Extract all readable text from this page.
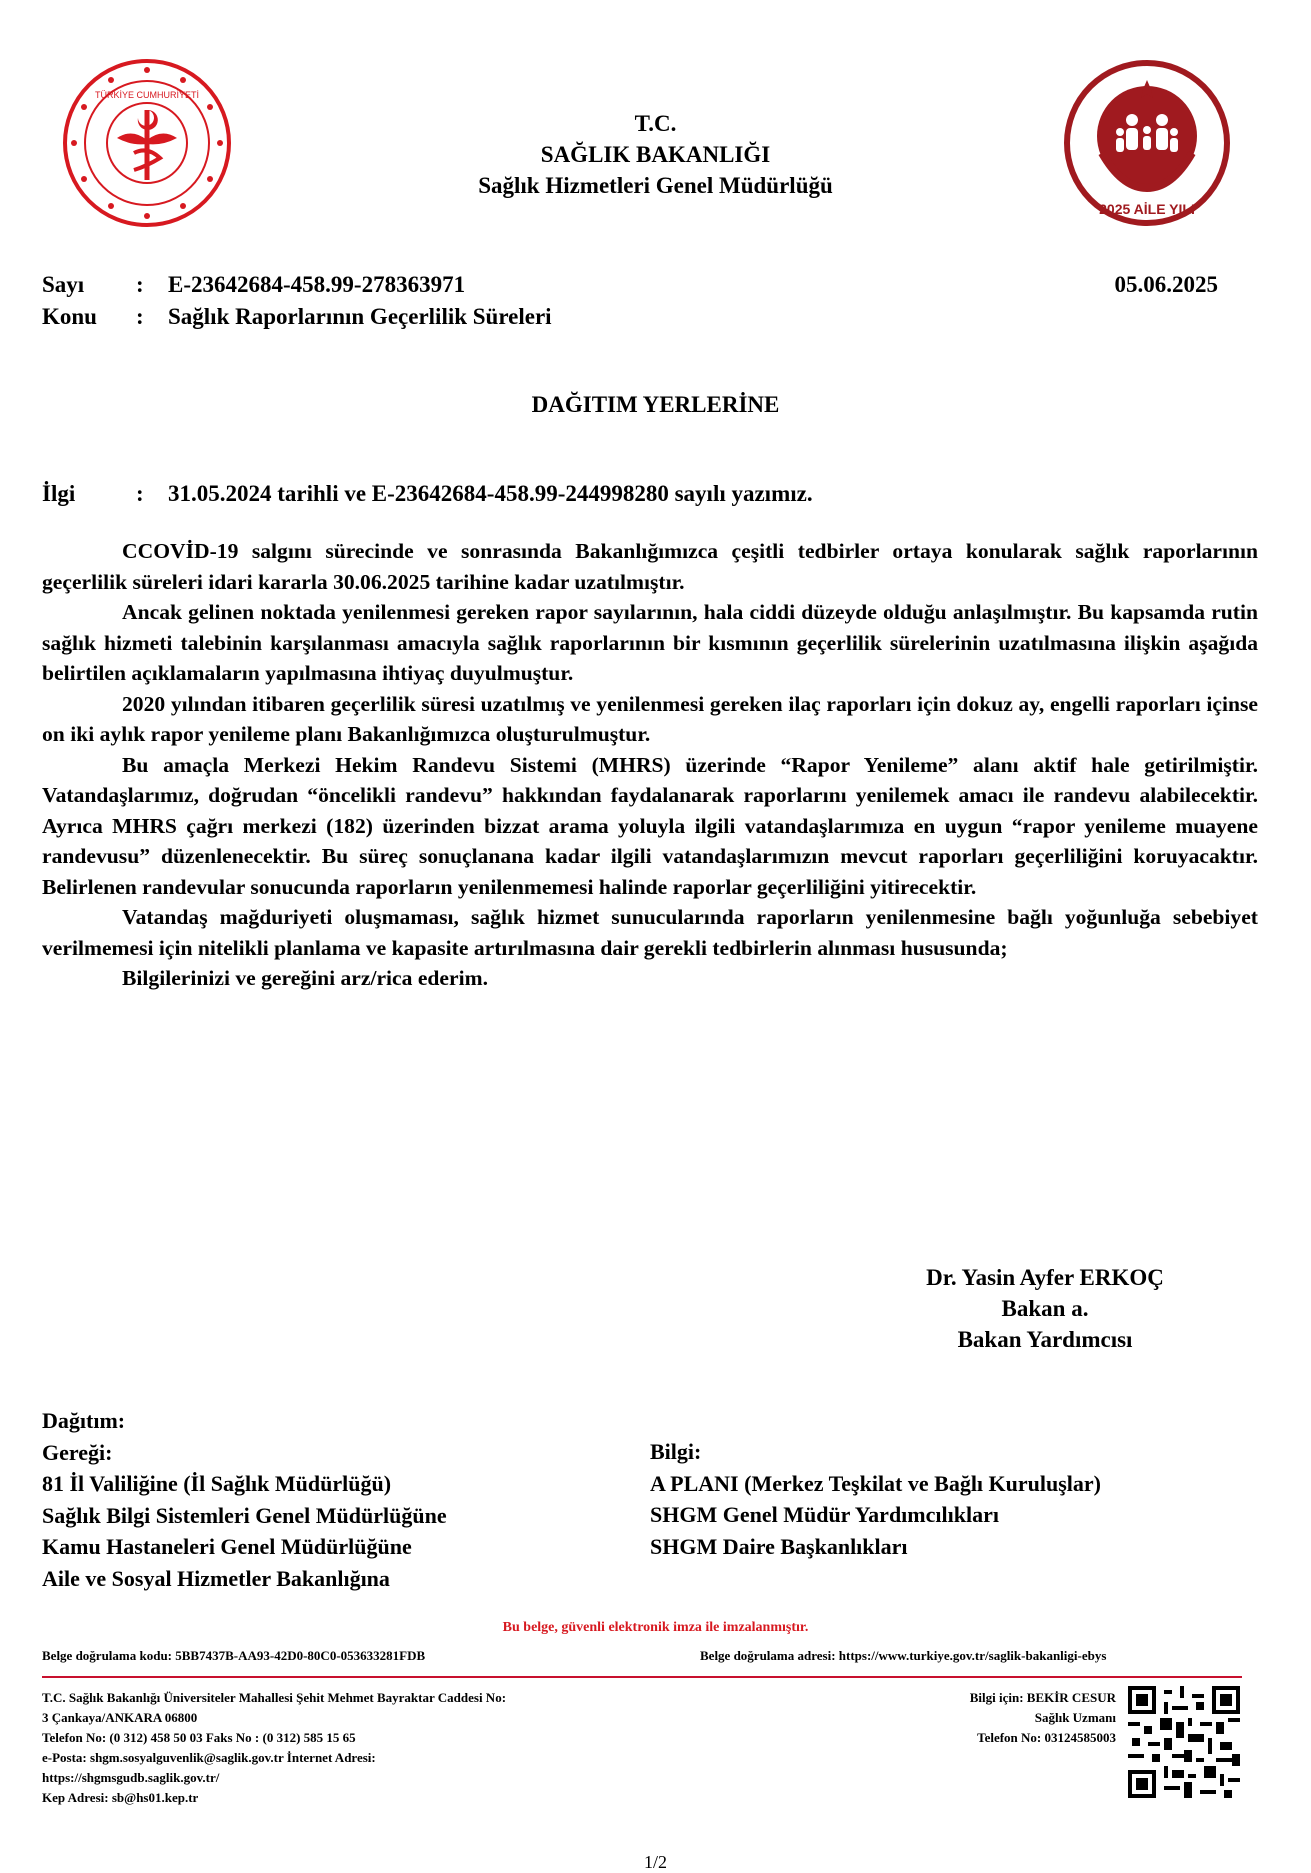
TÜRKİYE CUMHURİYETİ
T.C.
SAĞLIK BAKANLIĞI
Sağlık Hizmetleri Genel Müdürlüğü
2025 AİLE YILI
Sayı : E-23642684-458.99-278363971	05.06.2025
Konu : Sağlık Raporlarının Geçerlilik Süreleri
DAĞITIM YERLERİNE
İlgi	: 31.05.2024 tarihli ve E-23642684-458.99-244998280 sayılı yazımız.

CCOVİD-19 salgını sürecinde ve sonrasında Bakanlığımızca çeşitli tedbirler ortaya konularak sağlık raporlarının geçerlilik süreleri idari kararla 30.06.2025 tarihine kadar uzatılmıştır.

Ancak gelinen noktada yenilenmesi gereken rapor sayılarının, hala ciddi düzeyde olduğu anlaşılmıştır. Bu kapsamda rutin sağlık hizmeti talebinin karşılanması amacıyla sağlık raporlarının bir kısmının geçerlilik sürelerinin uzatılmasına ilişkin aşağıda belirtilen açıklamaların yapılmasına ihtiyaç duyulmuştur.

2020 yılından itibaren geçerlilik süresi uzatılmış ve yenilenmesi gereken ilaç raporları için dokuz ay, engelli raporları içinse on iki aylık rapor yenileme planı Bakanlığımızca oluşturulmuştur.

Bu amaçla Merkezi Hekim Randevu Sistemi (MHRS) üzerinde “Rapor Yenileme” alanı aktif hale getirilmiştir. Vatandaşlarımız, doğrudan “öncelikli randevu” hakkından faydalanarak raporlarını yenilemek amacı ile randevu alabilecektir. Ayrıca MHRS çağrı merkezi (182) üzerinden bizzat arama yoluyla ilgili vatandaşlarımıza en uygun “rapor yenileme muayene randevusu” düzenlenecektir. Bu süreç sonuçlanana kadar ilgili vatandaşlarımızın mevcut raporları geçerliliğini koruyacaktır. Belirlenen randevular sonucunda raporların yenilenmemesi halinde raporlar geçerliliğini yitirecektir.

Vatandaş mağduriyeti oluşmaması, sağlık hizmet sunucularında raporların yenilenmesine bağlı yoğunluğa sebebiyet verilmemesi için nitelikli planlama ve kapasite artırılmasına dair gerekli tedbirlerin alınması hususunda;

Bilgilerinizi ve gereğini arz/rica ederim.

Dr. Yasin Ayfer ERKOÇ
Bakan a.
Bakan Yardımcısı
Dağıtım:
Gereği:
81 İl Valiliğine (İl Sağlık Müdürlüğü)
Sağlık Bilgi Sistemleri Genel Müdürlüğüne
Kamu Hastaneleri Genel Müdürlüğüne
Aile ve Sosyal Hizmetler Bakanlığına
Bilgi:
A PLANI (Merkez Teşkilat ve Bağlı Kuruluşlar)
SHGM Genel Müdür Yardımcılıkları
SHGM Daire Başkanlıkları
Bu belge, güvenli elektronik imza ile imzalanmıştır.
Belge doğrulama kodu: 5BB7437B-AA93-42D0-80C0-053633281FDB	Belge doğrulama adresi: https://www.turkiye.gov.tr/saglik-bakanligi-ebys
T.C. Sağlık Bakanlığı Üniversiteler Mahallesi Şehit Mehmet Bayraktar Caddesi No:
3 Çankaya/ANKARA 06800
Telefon No: (0 312) 458 50 03 Faks No : (0 312) 585 15 65
e-Posta: shgm.sosyalguvenlik@saglik.gov.tr İnternet Adresi:
https://shgmsgudb.saglik.gov.tr/
Kep Adresi: sb@hs01.kep.tr
Bilgi için: BEKİR CESUR
Sağlık Uzmanı
Telefon No: 03124585003
1/2
